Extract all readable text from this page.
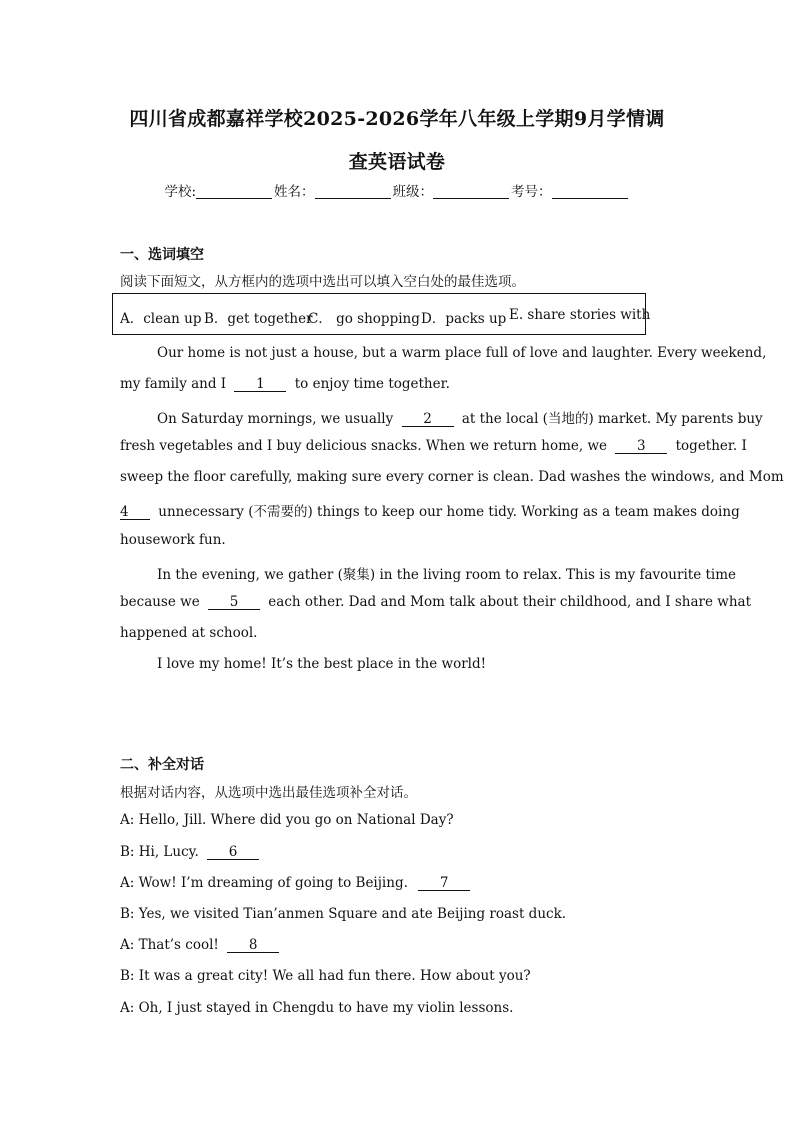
四川省成都嘉祥学校2025-2026学年八年级上学期9月学情调
查英语试卷
学校:	姓名：	班级：	考号：
一、选词填空
阅读下面短文，从方框内的选项中选出可以填入空白处的最佳选项。
A．clean up B．get together
C． go shopping D．packs up E. share stories with
Our home is not just a house, but a warm place full of love and laughter. Every weekend,
my family and I 1 to enjoy time together.
On Saturday mornings, we usually 2 at the local (当地的) market. My parents buy
fresh vegetables and I buy delicious snacks. When we return home, we 3 together. I
sweep the floor carefully, making sure every corner is clean. Dad washes the windows, and Mom
4 unnecessary (不需要的) things to keep our home tidy. Working as a team makes doing
housework fun.
In the evening, we gather (聚集) in the living room to relax. This is my favourite time
because we 5 each other. Dad and Mom talk about their childhood, and I share what
happened at school.
I love my home! It’s the best place in the world!
二、补全对话
根据对话内容，从选项中选出最佳选项补全对话。
A: Hello, Jill. Where did you go on National Day?
B: Hi, Lucy. 6
A: Wow! I’m dreaming of going to Beijing. 7
B: Yes, we visited Tian’anmen Square and ate Beijing roast duck.
A: That’s cool! 8
B: It was a great city! We all had fun there. How about you?
A: Oh, I just stayed in Chengdu to have my violin lessons.
